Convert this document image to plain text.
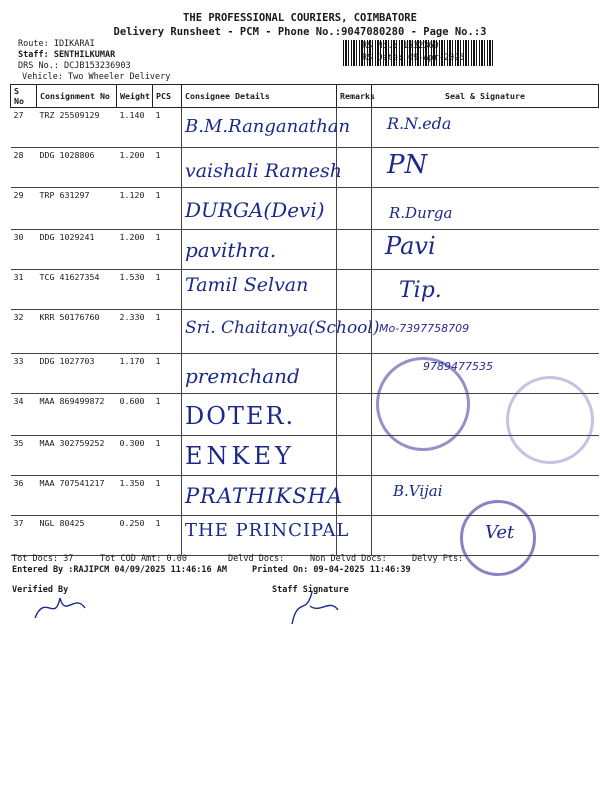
THE PROFESSIONAL COURIERS, COIMBATORE
Delivery Runsheet - PCM - Phone No.:9047080280 - Page No.:3
Route: IDIKARAI
Staff: SENTHILKUMAR
DRS No.: DCJB153236903
Vehicle: Two Wheeler Delivery
RS No.: 1532369
RS Date: 09-Apr-2025
S No	Consignment No	Weight	PCS	Consignee Details	Remarks	Seal & Signature
27	TRZ 25509129	1.140	1	B.M.Ranganathan		R.N.eda

28	DDG 1028806	1.200	1	vaishali Ramesh		PN

29	TRP 631297	1.120	1	DURGA(Devi)		R.Durga

30	DDG 1029241	1.200	1	pavithra.		Pavi

31	TCG 41627354	1.530	1	Tamil Selvan		Tip.

32	KRR 50176760	2.330	1	Sri. Chaitanya(School)		Mo-7397758709

33	DDG 1027703	1.170	1	premchand		9789477535

34	MAA 869499872	0.600	1	DOTER.		

35	MAA 302759252	0.300	1	ENKEY		

36	MAA 707541217	1.350	1	PRATHIKSHA		B.Vijai

37	NGL 80425	0.250	1	THE PRINCIPAL		Vet
Tot Docs: 37	Tot COD Amt: 0.00	Delvd Docs:	Non Delvd Docs:	Delvy Pts:
Entered By :RAJIPCM 04/09/2025 11:46:16 AM	Printed On: 09-04-2025 11:46:39
Verified By	Staff Signature
